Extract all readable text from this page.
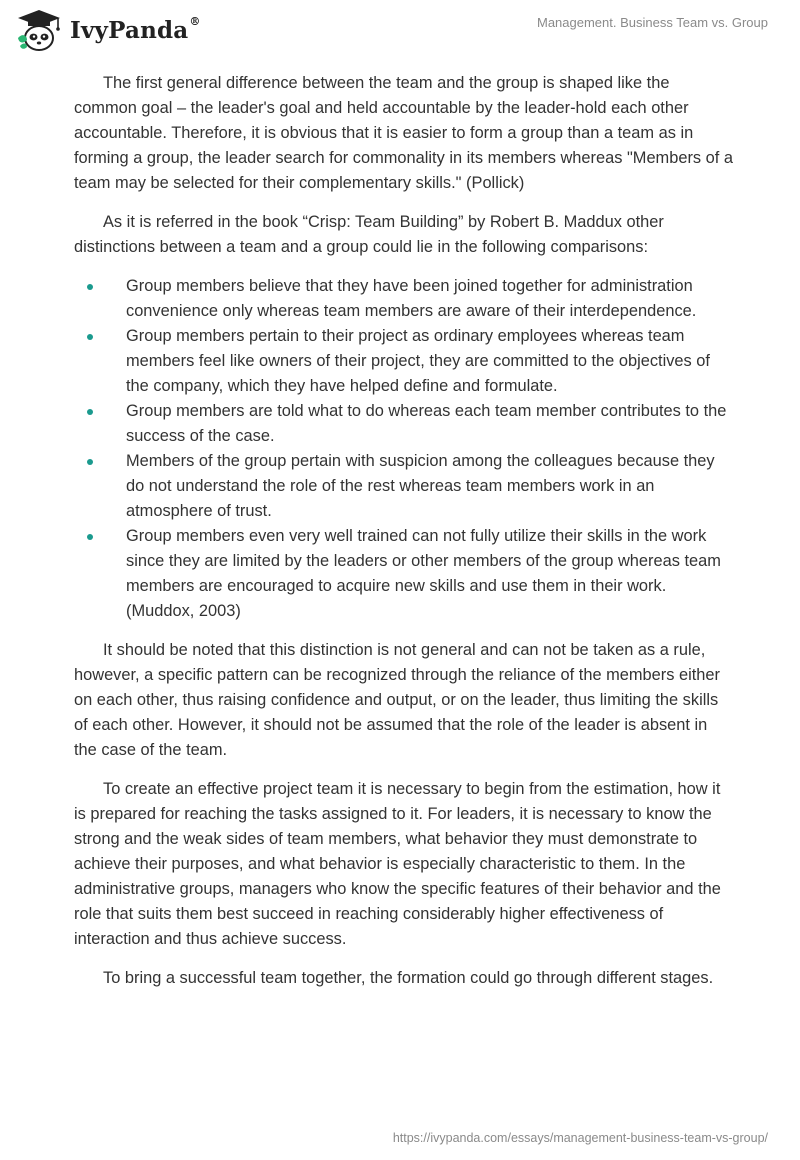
IvyPanda®	Management. Business Team vs. Group

The first general difference between the team and the group is shaped like the common goal – the leader's goal and held accountable by the leader-hold each other accountable. Therefore, it is obvious that it is easier to form a group than a team as in forming a group, the leader search for commonality in its members whereas "Members of a team may be selected for their complementary skills." (Pollick)

As it is referred in the book “Crisp: Team Building” by Robert B. Maddux other distinctions between a team and a group could lie in the following comparisons:

Group members believe that they have been joined together for administration convenience only whereas team members are aware of their interdependence.
Group members pertain to their project as ordinary employees whereas team members feel like owners of their project, they are committed to the objectives of the company, which they have helped define and formulate.
Group members are told what to do whereas each team member contributes to the success of the case.
Members of the group pertain with suspicion among the colleagues because they do not understand the role of the rest whereas team members work in an atmosphere of trust.
Group members even very well trained can not fully utilize their skills in the work since they are limited by the leaders or other members of the group whereas team members are encouraged to acquire new skills and use them in their work. (Muddox, 2003)

It should be noted that this distinction is not general and can not be taken as a rule, however, a specific pattern can be recognized through the reliance of the members either on each other, thus raising confidence and output, or on the leader, thus limiting the skills of each other. However, it should not be assumed that the role of the leader is absent in the case of the team.

To create an effective project team it is necessary to begin from the estimation, how it is prepared for reaching the tasks assigned to it. For leaders, it is necessary to know the strong and the weak sides of team members, what behavior they must demonstrate to achieve their purposes, and what behavior is especially characteristic to them. In the administrative groups, managers who know the specific features of their behavior and the role that suits them best succeed in reaching considerably higher effectiveness of interaction and thus achieve success.

To bring a successful team together, the formation could go through different stages.

https://ivypanda.com/essays/management-business-team-vs-group/
